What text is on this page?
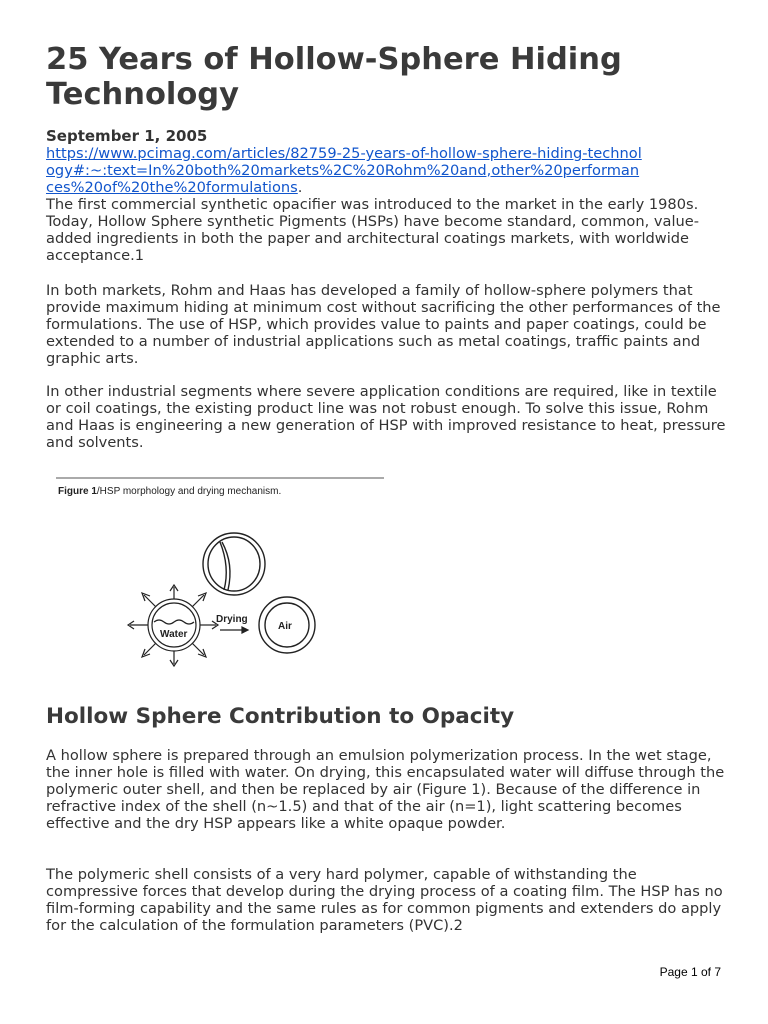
25 Years of Hollow-Sphere Hiding Technology
September 1, 2005
https://www.pcimag.com/articles/82759-25-years-of-hollow-sphere-hiding-technology#:~:text=In%20both%20markets%2C%20Rohm%20and,other%20performances%20of%20the%20formulations.

The first commercial synthetic opacifier was introduced to the market in the early 1980s. Today, Hollow Sphere synthetic Pigments (HSPs) have become standard, common, value-added ingredients in both the paper and architectural coatings markets, with worldwide acceptance.1

In both markets, Rohm and Haas has developed a family of hollow-sphere polymers that provide maximum hiding at minimum cost without sacrificing the other performances of the formulations. The use of HSP, which provides value to paints and paper coatings, could be extended to a number of industrial applications such as metal coatings, traffic paints and graphic arts.

In other industrial segments where severe application conditions are required, like in textile or coil coatings, the existing product line was not robust enough. To solve this issue, Rohm and Haas is engineering a new generation of HSP with improved resistance to heat, pressure and solvents.

Figure 1/HSP morphology and drying mechanism.
Water
Drying
Air
Hollow Sphere Contribution to Opacity

A hollow sphere is prepared through an emulsion polymerization process. In the wet stage, the inner hole is filled with water. On drying, this encapsulated water will diffuse through the polymeric outer shell, and then be replaced by air (Figure 1). Because of the difference in refractive index of the shell (n~1.5) and that of the air (n=1), light scattering becomes effective and the dry HSP appears like a white opaque powder.

The polymeric shell consists of a very hard polymer, capable of withstanding the compressive forces that develop during the drying process of a coating film. The HSP has no film-forming capability and the same rules as for common pigments and extenders do apply for the calculation of the formulation parameters (PVC).2

Page 1 of 7
